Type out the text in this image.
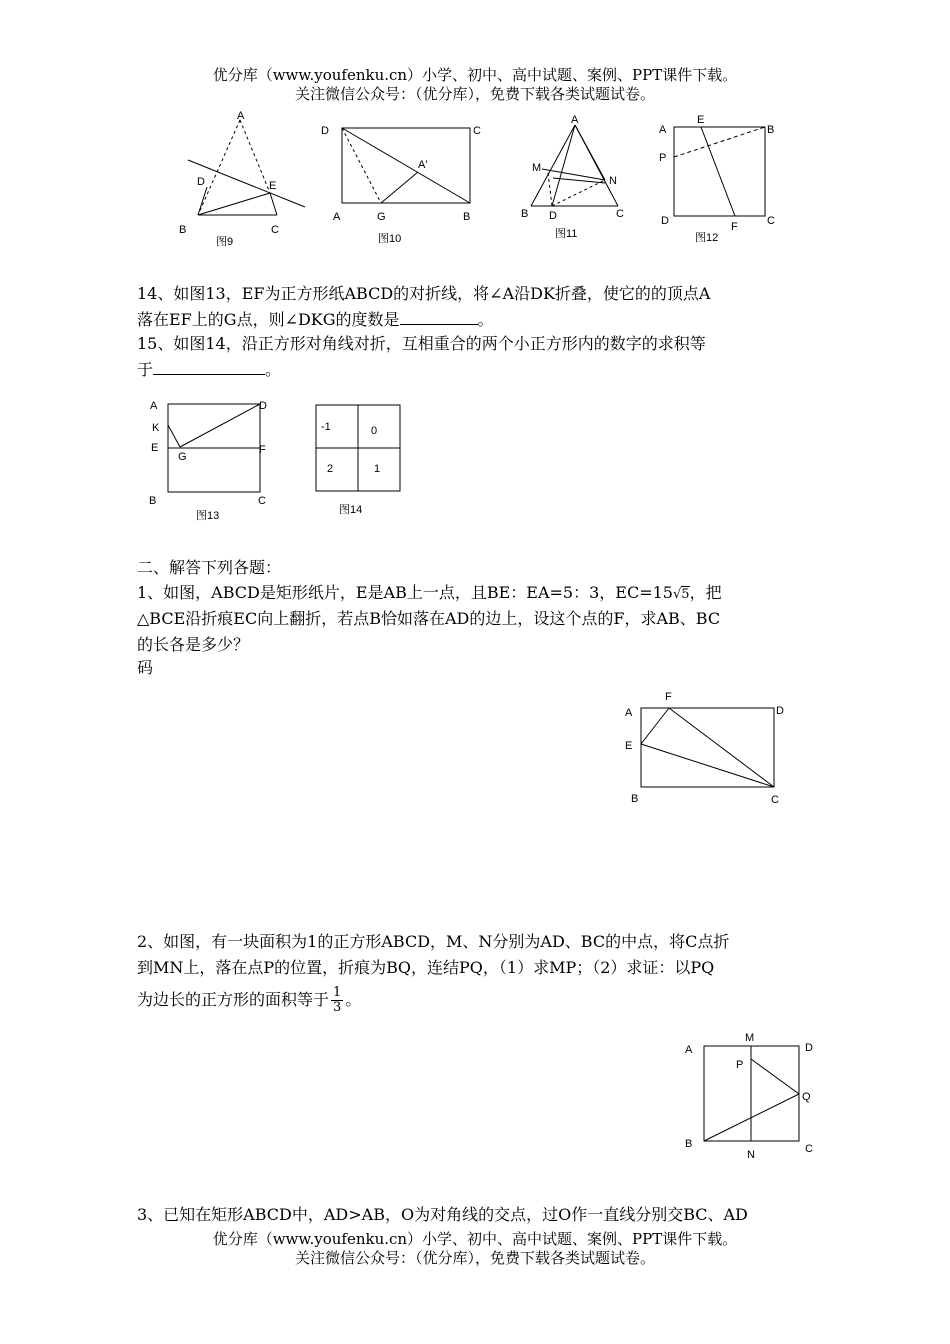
优分库（www.youfenku.cn）小学、初中、高中试题、案例、PPT课件下载。
关注微信公众号：（优分库），免费下载各类试题试卷。
A
D	E
B	C
图9
D	C
A'
A	G	B
图10
A
M
N
B D	C
图11
A
E
B
P
D	F	C
图12
14、如图13，EF为正方形纸ABCD的对折线，将∠A沿DK折叠，使它的的顶点A
落在EF上的G点，则∠DKG的度数是	。
15、如图14，沿正方形对角线对折，互相重合的两个小正方形内的数字的求积等
于	。
A	D
K
E
G
F
B	C
图13
-1	0
2	1
图14
二、解答下列各题：
1、如图，ABCD是矩形纸片，E是AB上一点，且BE：EA=5：3，EC=15√5，把
△BCE沿折痕EC向上翻折，若点B恰如落在AD的边上，设这个点的F，求AB、BC
的长各是多少？
码
F
A	D
E
B	C
2、如图，有一块面积为1的正方形ABCD，M、N分别为AD、BC的中点，将C点折
到MN上，落在点P的位置，折痕为BQ，连结PQ，（1）求MP；（2）求证：以PQ
为边长的正方形的面积等于 $\frac{1}{3}$ 。
M
A	D
P
Q
B	C
N
3、已知在矩形ABCD中，AD>AB，O为对角线的交点，过O作一直线分别交BC、AD
优分库（www.youfenku.cn）小学、初中、高中试题、案例、PPT课件下载。
关注微信公众号：（优分库），免费下载各类试题试卷。
